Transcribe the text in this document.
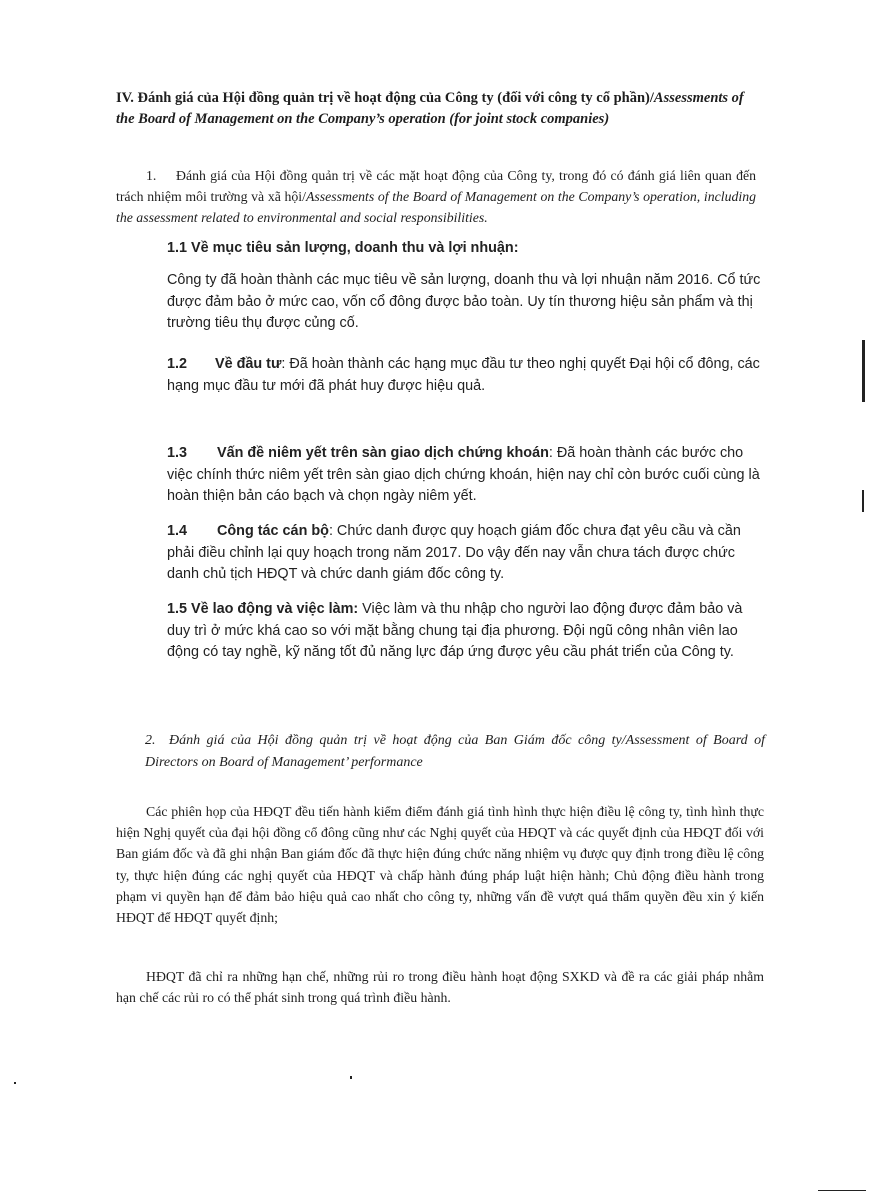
IV. Đánh giá của Hội đồng quản trị về hoạt động của Công ty (đối với công ty cổ phần)/Assessments of the Board of Management on the Company’s operation (for joint stock companies)

1. Đánh giá của Hội đồng quản trị về các mặt hoạt động của Công ty, trong đó có đánh giá liên quan đến trách nhiệm môi trường và xã hội/Assessments of the Board of Management on the Company’s operation, including the assessment related to environmental and social responsibilities.

1.1 Về mục tiêu sản lượng, doanh thu và lợi nhuận:

Công ty đã hoàn thành các mục tiêu về sản lượng, doanh thu và lợi nhuận năm 2016. Cổ tức được đảm bảo ở mức cao, vốn cổ đông được bảo toàn. Uy tín thương hiệu sản phẩm và thị trường tiêu thụ được củng cố.

1.2 Về đầu tư: Đã hoàn thành các hạng mục đầu tư theo nghị quyết Đại hội cổ đông, các hạng mục đầu tư mới đã phát huy được hiệu quả.

1.3 Vấn đề niêm yết trên sàn giao dịch chứng khoán: Đã hoàn thành các bước cho việc chính thức niêm yết trên sàn giao dịch chứng khoán, hiện nay chỉ còn bước cuối cùng là hoàn thiện bản cáo bạch và chọn ngày niêm yết.

1.4 Công tác cán bộ: Chức danh được quy hoạch giám đốc chưa đạt yêu cầu và cần phải điều chỉnh lại quy hoạch trong năm 2017. Do vậy đến nay vẫn chưa tách được chức danh chủ tịch HĐQT và chức danh giám đốc công ty.

1.5 Về lao động và việc làm: Việc làm và thu nhập cho người lao động được đảm bảo và duy trì ở mức khá cao so với mặt bằng chung tại địa phương. Đội ngũ công nhân viên lao động có tay nghề, kỹ năng tốt đủ năng lực đáp ứng được yêu cầu phát triển của Công ty.

2. Đánh giá của Hội đồng quản trị về hoạt động của Ban Giám đốc công ty/Assessment of Board of Directors on Board of Management’ performance

Các phiên họp của HĐQT đều tiến hành kiểm điểm đánh giá tình hình thực hiện điều lệ công ty, tình hình thực hiện Nghị quyết của đại hội đồng cổ đông cũng như các Nghị quyết của HĐQT và các quyết định của HĐQT đối với Ban giám đốc và đã ghi nhận Ban giám đốc đã thực hiện đúng chức năng nhiệm vụ được quy định trong điều lệ công ty, thực hiện đúng các nghị quyết của HĐQT và chấp hành đúng pháp luật hiện hành; Chủ động điều hành trong phạm vi quyền hạn để đảm bảo hiệu quả cao nhất cho công ty, những vấn đề vượt quá thẩm quyền đều xin ý kiến HĐQT để HĐQT quyết định;

HĐQT đã chỉ ra những hạn chế, những rủi ro trong điều hành hoạt động SXKD và đề ra các giải pháp nhằm hạn chế các rủi ro có thể phát sinh trong quá trình điều hành.
